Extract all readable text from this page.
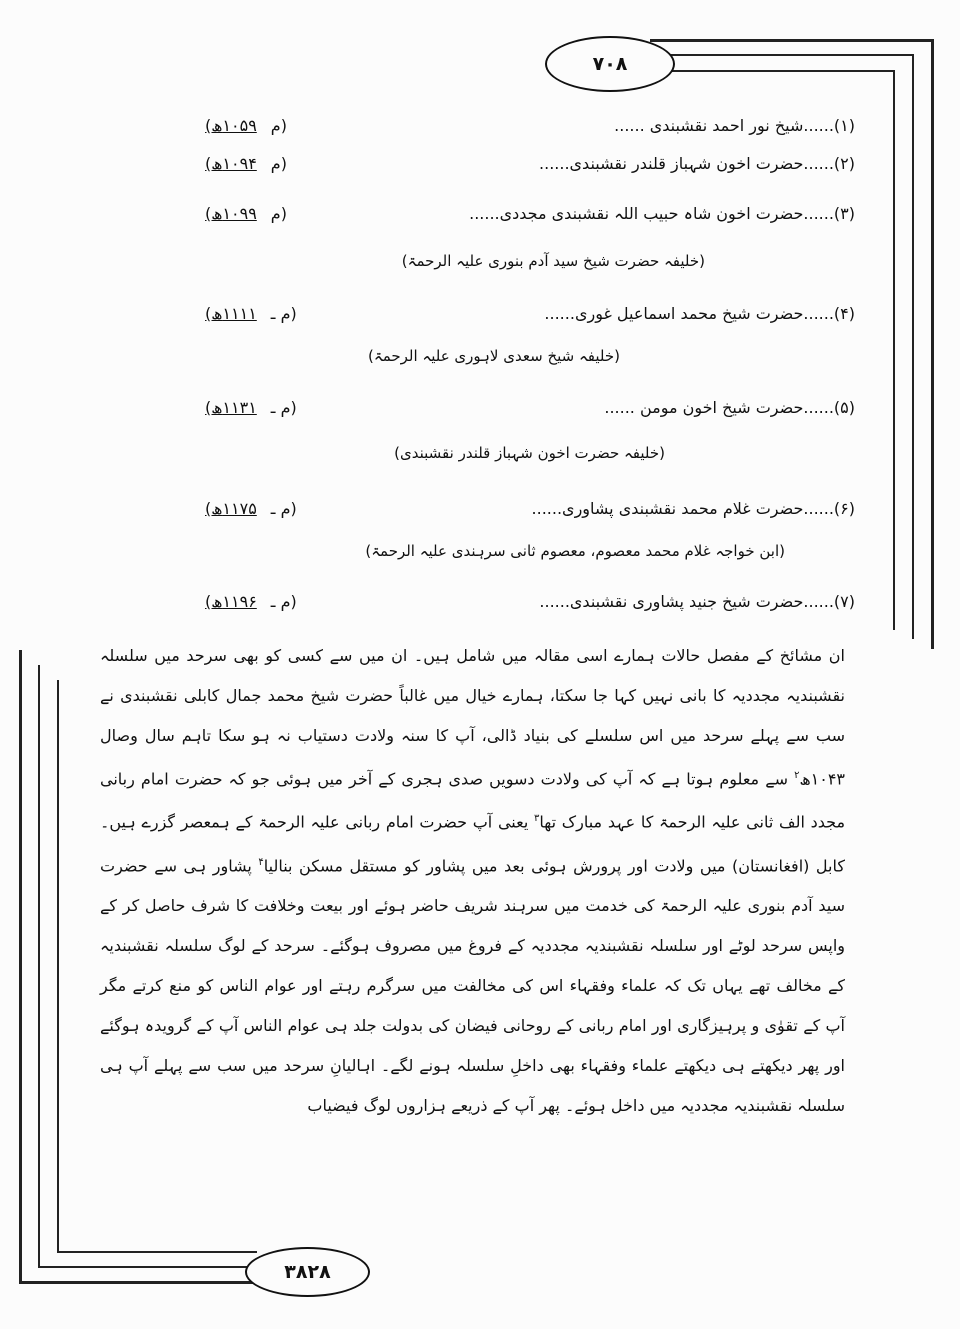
۷۰۸
۳۸۲۸
(۱)......شیخ نور احمد نقشبندی ......
(م
۱۰۵۹ھ)
(۲)......حضرت اخون شہباز قلندر نقشبندی......
(م
۱۰۹۴ھ)
(۳)......حضرت اخون شاہ حبیب اللہ نقشبندی مجددی......
(م
۱۰۹۹ھ)
(خلیفہ حضرت شیخ سید آدم بنوری علیہ الرحمۃ)
(۴)......حضرت شیخ محمد اسماعیل غوری......
(م ـ
۱۱۱۱ھ)
(خلیفہ شیخ سعدی لاہوری علیہ الرحمۃ)
(۵)......حضرت شیخ اخون مومن ......
(م ـ
۱۱۳۱ھ)
(خلیفہ حضرت اخون شہباز قلندر نقشبندی)
(۶)......حضرت غلام محمد نقشبندی پشاوری......
(م ـ
۱۱۷۵ھ)
(ابن خواجہ غلام محمد معصوم، معصوم ثانی سرہندی علیہ الرحمۃ)
(۷)......حضرت شیخ جنید پشاوری نقشبندی......
(م ـ
۱۱۹۶ھ)
ان مشائخ کے مفصل حالات ہمارے اسی مقالہ میں شامل ہیں۔ ان میں سے کسی کو بھی سرحد میں سلسلہ نقشبندیہ مجددیہ کا بانی نہیں کہا جا سکتا، ہمارے خیال میں غالباً حضرت شیخ محمد جمال کابلی نقشبندی نے سب سے پہلے سرحد میں اس سلسلے کی بنیاد ڈالی، آپ کا سنہ ولادت دستیاب نہ ہو سکا تاہم سال وصال ۱۰۴۳ھ$^۲$ سے معلوم ہوتا ہے کہ آپ کی ولادت دسویں صدی ہجری کے آخر میں ہوئی جو کہ حضرت امام ربانی مجدد الف ثانی علیہ الرحمۃ کا عہد مبارک تھا$^۳$ یعنی آپ حضرت امام ربانی علیہ الرحمۃ کے ہمعصر گزرے ہیں۔ کابل (افغانستان) میں ولادت اور پرورش ہوئی بعد میں پشاور کو مستقل مسکن بنالیا$^۴$ پشاور ہی سے حضرت سید آدم بنوری علیہ الرحمۃ کی خدمت میں سرہند شریف حاضر ہوئے اور بیعت وخلافت کا شرف حاصل کر کے واپس سرحد لوٹے اور سلسلہ نقشبندیہ مجددیہ کے فروغ میں مصروف ہوگئے۔ سرحد کے لوگ سلسلہ نقشبندیہ کے مخالف تھے یہاں تک کہ علماء وفقہاء اس کی مخالفت میں سرگرم رہتے اور عوام الناس کو منع کرتے مگر آپ کے تقوٰی و پرہیزگاری اور امام ربانی کے روحانی فیضان کی بدولت جلد ہی عوام الناس آپ کے گرویدہ ہوگئے اور پھر دیکھتے ہی دیکھتے علماء وفقہاء بھی داخلِ سلسلہ ہونے لگے۔ اہالیانِ سرحد میں سب سے پہلے آپ ہی سلسلہ نقشبندیہ مجددیہ میں داخل ہوئے۔ پھر آپ کے ذریعے ہزاروں لوگ فیضیاب
